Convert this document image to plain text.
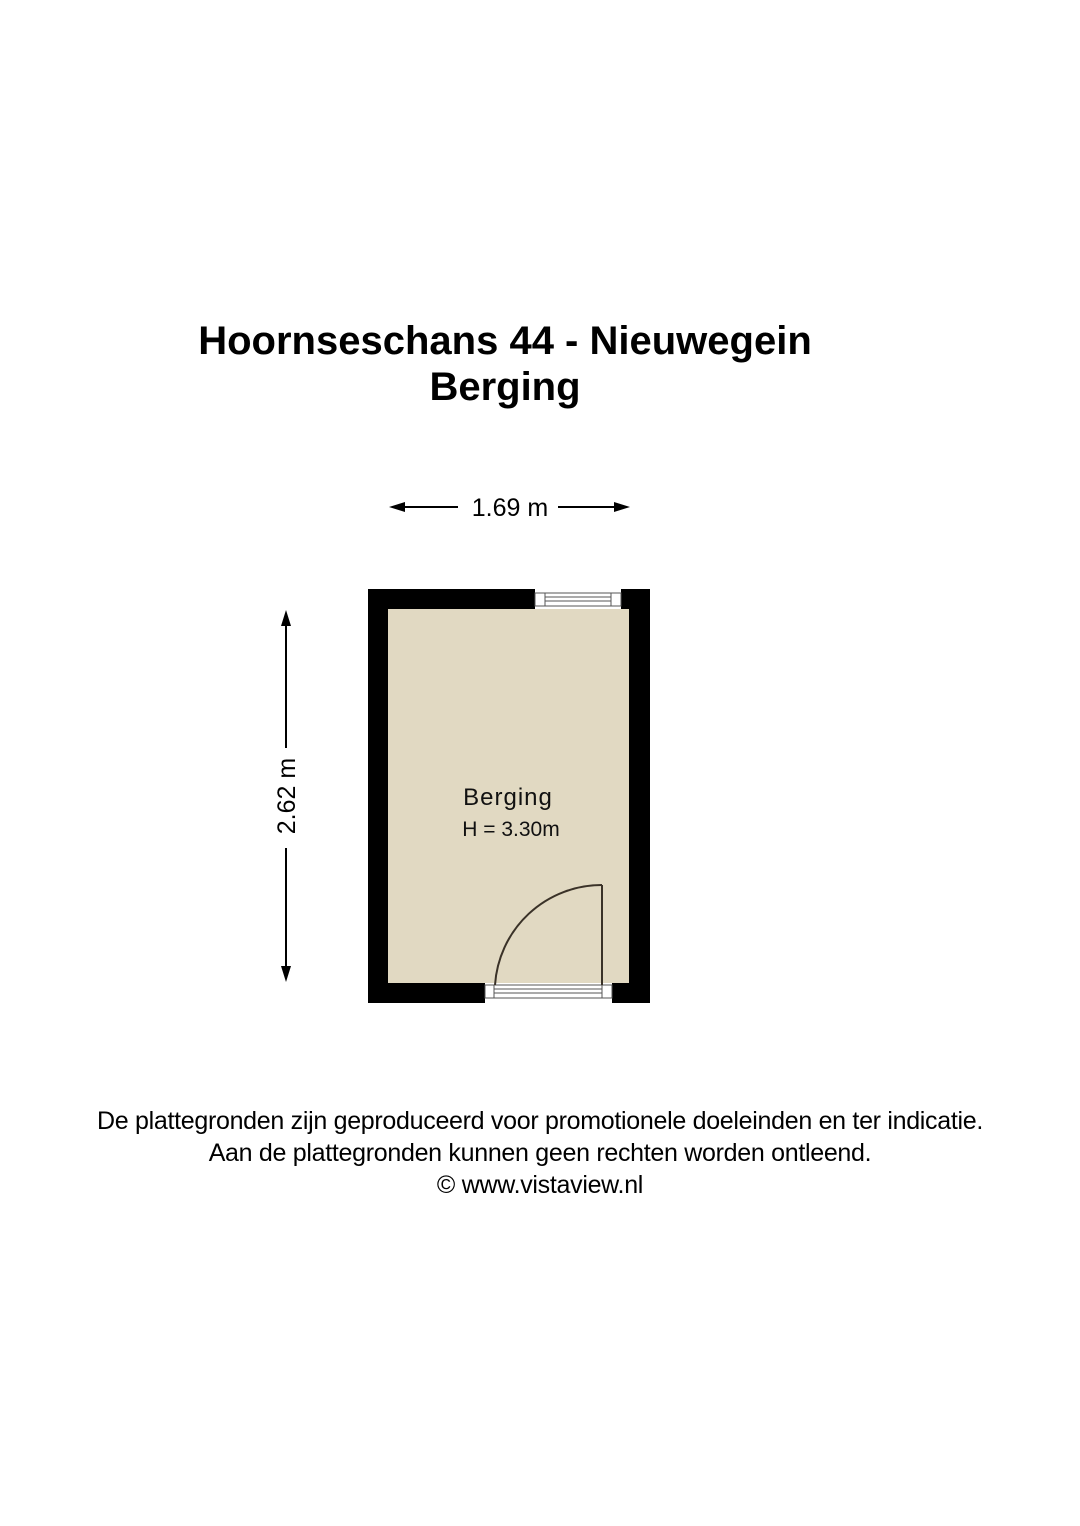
Hoornseschans 44 - Nieuwegein
Berging
1.69 m
2.62 m	Berging
H = 3.30m
De plattegronden zijn geproduceerd voor promotionele doeleinden en ter indicatie.
Aan de plattegronden kunnen geen rechten worden ontleend.
© www.vistaview.nl
